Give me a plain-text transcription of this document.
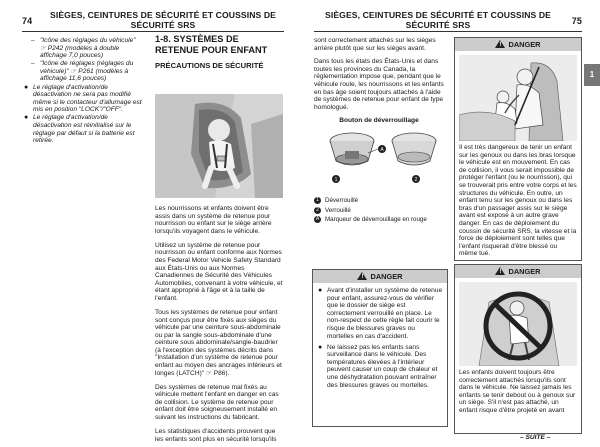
74
SIÈGES, CEINTURES DE SÉCURITÉ ET COUSSINS DE SÉCURITÉ SRS
SIÈGES, CEINTURES DE SÉCURITÉ ET COUSSINS DE SÉCURITÉ SRS	75
– "Icône des réglages du véhicule" ☞ P242 (modèles à double affichage 7,0 pouces)
– "Icône de réglages (réglages du véhicule)" ☞ P261 (modèles à affichage 11,6 pouces)
● Le réglage d'activation/de désactivation ne sera pas modifié même si le contacteur d'allumage est mis en position "LOCK"/"OFF".
● Le réglage d'activation/de désactivation est réinitialisé sur le réglage par défaut si la batterie est retirée.
1-8. SYSTÈMES DE RETENUE POUR ENFANT
PRÉCAUTIONS DE SÉCURITÉ

Les nourrissons et enfants doivent être assis dans un système de retenue pour nourrisson ou enfant sur le siège arrière lorsqu'ils voyagent dans le véhicule.

Utilisez un système de retenue pour nourrisson ou enfant conforme aux Normes des Federal Motor Vehicle Safety Standard aux États-Unis ou aux Normes Canadiennes de Sécurité des Véhicules Automobiles, convenant à votre véhicule, et étant approprié à l'âge et à la taille de l'enfant.

Tous les systèmes de retenue pour enfant sont conçus pour être fixés aux sièges du véhicule par une ceinture sous-abdominale ou par la sangle sous-abdominale d'une ceinture sous abdominale/sangle-baudrier (à l'exception des systèmes décrits dans "Installation d'un système de retenue pour enfant au moyen des ancrages inférieurs et longes (LATCH)" ☞ P86).

Des systèmes de retenue mal fixés au véhicule mettent l'enfant en danger en cas de collision. Le système de retenue pour enfant doit être soigneusement installé en suivant les instructions du fabricant.

Les statistiques d'accidents prouvent que les enfants sont plus en sécurité lorsqu'ils

sont correctement attachés sur les sièges arrière plutôt que sur les sièges avant.

Dans tous les états des États-Unis et dans toutes les provinces du Canada, la réglementation impose que, pendant que le véhicule roule, les nourrissons et les enfants en bas âge soient toujours attachés à l'aide de systèmes de retenue pour enfant de type homologué.

Bouton de déverrouillage
A
1	2
1 Déverrouillé
2 Verrouillé
A Marqueur de déverrouillage en rouge
!DANGER
● Avant d'installer un système de retenue pour enfant, assurez-vous de vérifier que le dossier de siège est correctement verrouillé en place. Le non-respect de cette règle fait courir le risque de blessures graves ou mortelles en cas d'accident.
● Ne laissez pas les enfants sans surveillance dans le véhicule. Des températures élevées à l'intérieur peuvent causer un coup de chaleur et une déshydratation pouvant entraîner des blessures graves ou mortelles.
!DANGER
Il est très dangereux de tenir un enfant sur les genoux ou dans les bras lorsque le véhicule est en mouvement. En cas de collision, il vous serait impossible de protéger l'enfant (ou le nourrisson), qui se trouverait pris entre votre corps et les structures du véhicule. En outre, un enfant tenu sur les genoux ou dans les bras d'un passager assis sur le siège avant est exposé à un autre grave danger. En cas de déploiement du coussin de sécurité SRS, la vitesse et la force de déploiement sont telles que l'enfant risquerait d'être blessé ou même tué.
!DANGER
Les enfants doivent toujours être correctement attachés lorsqu'ils sont dans le véhicule. Ne laissez jamais les enfants se tenir debout ou à genoux sur un siège. S'il n'est pas attaché, un enfant risque d'être projeté en avant
1
– SUITE –
